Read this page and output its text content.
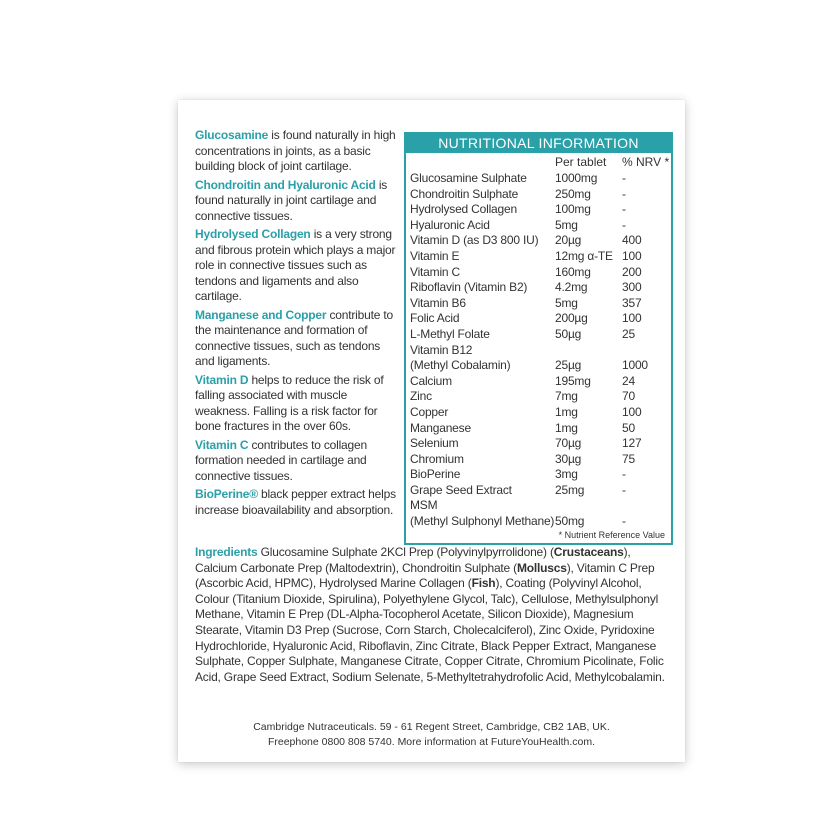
Glucosamine is found naturally in high concentrations in joints, as a basic building block of joint cartilage.

Chondroitin and Hyaluronic Acid is found naturally in joint cartilage and connective tissues.

Hydrolysed Collagen is a very strong and fibrous protein which plays a major role in connective tissues such as tendons and ligaments and also cartilage.

Manganese and Copper contribute to the maintenance and formation of connective tissues, such as tendons and ligaments.

Vitamin D helps to reduce the risk of falling associated with muscle weakness. Falling is a risk factor for bone fractures in the over 60s.

Vitamin C contributes to collagen formation needed in cartilage and connective tissues.

BioPerine® black pepper extract helps increase bioavailability and absorption.

NUTRITIONAL INFORMATION
Per tablet % NRV *
Glucosamine Sulphate 1000mg -
Chondroitin Sulphate	250mg	-
Hydrolysed Collagen	100mg	-
Hyaluronic Acid	5mg	-
Vitamin D (as D3 800 IU) 20µg	400
Vitamin E	12mg α-TE 100
Vitamin C	160mg	200
Riboflavin (Vitamin B2) 4.2mg	300
Vitamin B6	5mg	357
Folic Acid	200µg	100
L-Methyl Folate	50µg	25
Vitamin B12
(Methyl Cobalamin)	25µg	1000
Calcium	195mg	24
Zinc	7mg	70
Copper	1mg	100
Manganese	1mg	50
Selenium	70µg	127
Chromium	30µg	75
BioPerine	3mg	-
Grape Seed Extract	25mg	-
MSM
(Methyl Sulphonyl Methane) 50mg	-
* Nutrient Reference Value
Ingredients Glucosamine Sulphate 2KCl Prep (Polyvinylpyrrolidone) (Crustaceans), Calcium Carbonate Prep (Maltodextrin), Chondroitin Sulphate (Molluscs), Vitamin C Prep (Ascorbic Acid, HPMC), Hydrolysed Marine Collagen (Fish), Coating (Polyvinyl Alcohol, Colour (Titanium Dioxide, Spirulina), Polyethylene Glycol, Talc), Cellulose, Methylsulphonyl Methane, Vitamin E Prep (DL-Alpha-Tocopherol Acetate, Silicon Dioxide), Magnesium Stearate, Vitamin D3 Prep (Sucrose, Corn Starch, Cholecalciferol), Zinc Oxide, Pyridoxine Hydrochloride, Hyaluronic Acid, Riboflavin, Zinc Citrate, Black Pepper Extract, Manganese Sulphate, Copper Sulphate, Manganese Citrate, Copper Citrate, Chromium Picolinate, Folic Acid, Grape Seed Extract, Sodium Selenate, 5-Methyltetrahydrofolic Acid, Methylcobalamin.
Cambridge Nutraceuticals. 59 - 61 Regent Street, Cambridge, CB2 1AB, UK.
Freephone 0800 808 5740. More information at FutureYouHealth.com.
